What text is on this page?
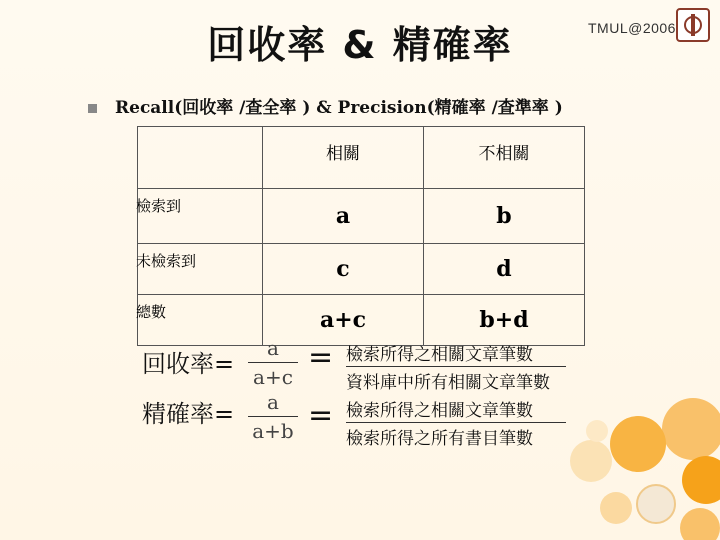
回收率 & 精確率	TMUL@2006
Recall(回收率 /查全率 ) & Precision(精確率 /查準率 )
	相關	不相關
檢索到	a	b
未檢索到	c	d
總數	a+c	b+d
回收率=
a
a+c
= 檢索所得之相關文章筆數
資料庫中所有相關文章筆數
精確率=	a
a+b = 檢索所得之相關文章筆數
檢索所得之所有書目筆數
